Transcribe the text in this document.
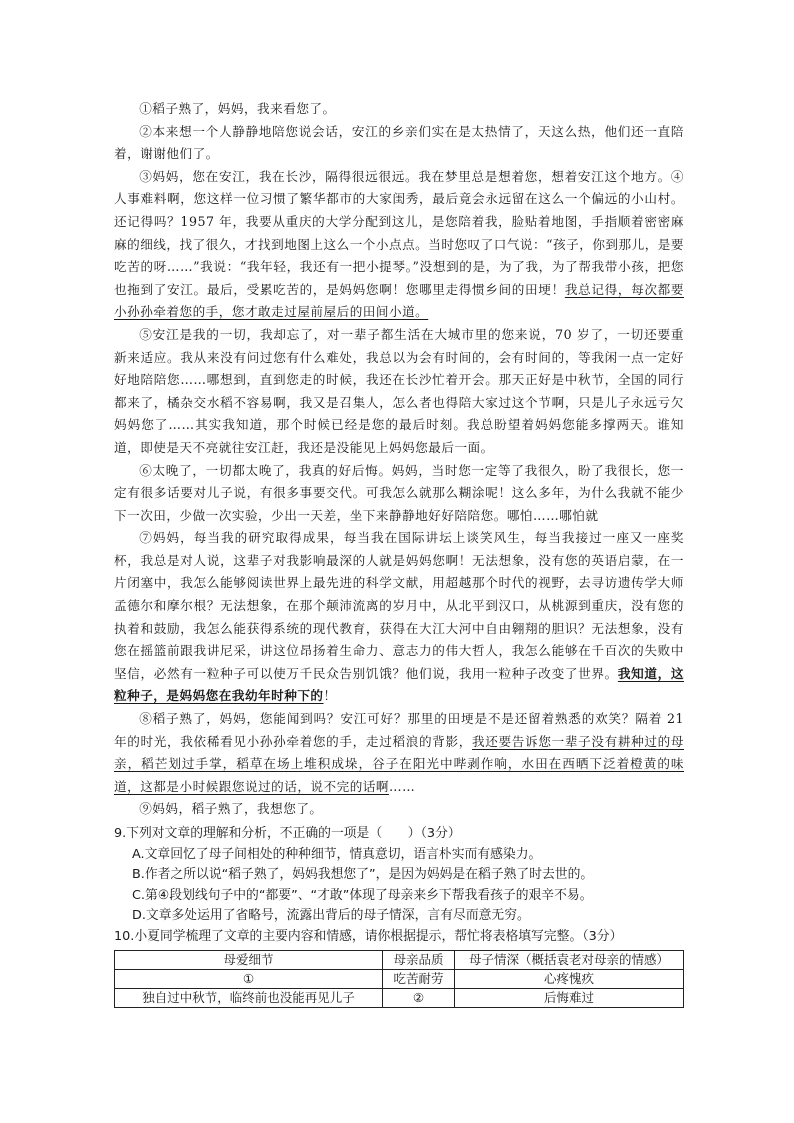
①稻子熟了，妈妈，我来看您了。

②本来想一个人静静地陪您说会话，安江的乡亲们实在是太热情了，天这么热，他们还一直陪着，谢谢他们了。

③妈妈，您在安江，我在长沙，隔得很远很远。我在梦里总是想着您，想着安江这个地方。④人事难料啊，您这样一位习惯了繁华都市的大家闺秀，最后竟会永远留在这么一个偏远的小山村。还记得吗？1957 年，我要从重庆的大学分配到这儿，是您陪着我，脸贴着地图，手指顺着密密麻麻的细线，找了很久，才找到地图上这么一个小点点。当时您叹了口气说：“孩子，你到那儿，是要吃苦的呀……”我说：“我年轻，我还有一把小提琴。”没想到的是，为了我，为了帮我带小孩，把您也拖到了安江。最后，受累吃苦的，是妈妈您啊！您哪里走得惯乡间的田埂！我总记得，每次都要小孙孙牵着您的手，您才敢走过屋前屋后的田间小道。

⑤安江是我的一切，我却忘了，对一辈子都生活在大城市里的您来说，70 岁了，一切还要重新来适应。我从来没有问过您有什么难处，我总以为会有时间的，会有时间的，等我闲一点一定好好地陪陪您……哪想到，直到您走的时候，我还在长沙忙着开会。那天正好是中秋节，全国的同行都来了，橘杂交水稻不容易啊，我又是召集人，怎么者也得陪大家过这个节啊，只是儿子永远亏欠妈妈您了……其实我知道，那个时候已经是您的最后时刻。我总盼望着妈妈您能多撑两天。谁知道，即使是天不亮就往安江赶，我还是没能见上妈妈您最后一面。

⑥太晚了，一切都太晚了，我真的好后悔。妈妈，当时您一定等了我很久，盼了我很长，您一定有很多话要对儿子说，有很多事要交代。可我怎么就那么糊涂呢！这么多年，为什么我就不能少下一次田，少做一次实验，少出一天差，坐下来静静地好好陪陪您。哪怕……哪怕就

⑦妈妈，每当我的研究取得成果，每当我在国际讲坛上谈笑风生，每当我接过一座又一座奖杯，我总是对人说，这辈子对我影响最深的人就是妈妈您啊！无法想象，没有您的英语启蒙，在一片闭塞中，我怎么能够阅读世界上最先进的科学文献，用超越那个时代的视野，去寻访遗传学大师孟德尔和摩尔根？无法想象，在那个颠沛流离的岁月中，从北平到汉口，从桃源到重庆，没有您的执着和鼓励，我怎么能获得系统的现代教育，获得在大江大河中自由翱翔的胆识？无法想象，没有您在摇篮前跟我讲尼采，讲这位昂扬着生命力、意志力的伟大哲人，我怎么能够在千百次的失败中坚信，必然有一粒种子可以使万千民众告别饥饿？他们说，我用一粒种子改变了世界。我知道，这粒种子，是妈妈您在我幼年时种下的！

⑧稻子熟了，妈妈，您能闻到吗？安江可好？那里的田埂是不是还留着熟悉的欢笑？隔着 21 年的时光，我依稀看见小孙孙牵着您的手，走过稻浪的背影，我还要告诉您一辈子没有耕种过的母亲，稻芒划过手掌，稻草在场上堆积成垛，谷子在阳光中哔剥作响，水田在西晒下泛着橙黄的味道，这都是小时候跟您说过的话，说不完的话啊……

⑨妈妈，稻子熟了，我想您了。

9.下列对文章的理解和分析，不正确的一项是（　　）（3分）

A.文章回忆了母子间相处的种种细节，情真意切，语言朴实而有感染力。

B.作者之所以说“稻子熟了，妈妈我想您了”，是因为妈妈是在稻子熟了时去世的。

C.第④段划线句子中的“都要”、“才敢”体现了母亲来乡下帮我看孩子的艰辛不易。

D.文章多处运用了省略号，流露出背后的母子情深，言有尽而意无穷。

10.小夏同学梳理了文章的主要内容和情感，请你根据提示，帮忙将表格填写完整。（3分）

母爱细节	母亲品质	母子情深（概括袁老对母亲的情感）
①	吃苦耐劳	心疼愧疚
独自过中秋节，临终前也没能再见儿子	②	后悔难过
